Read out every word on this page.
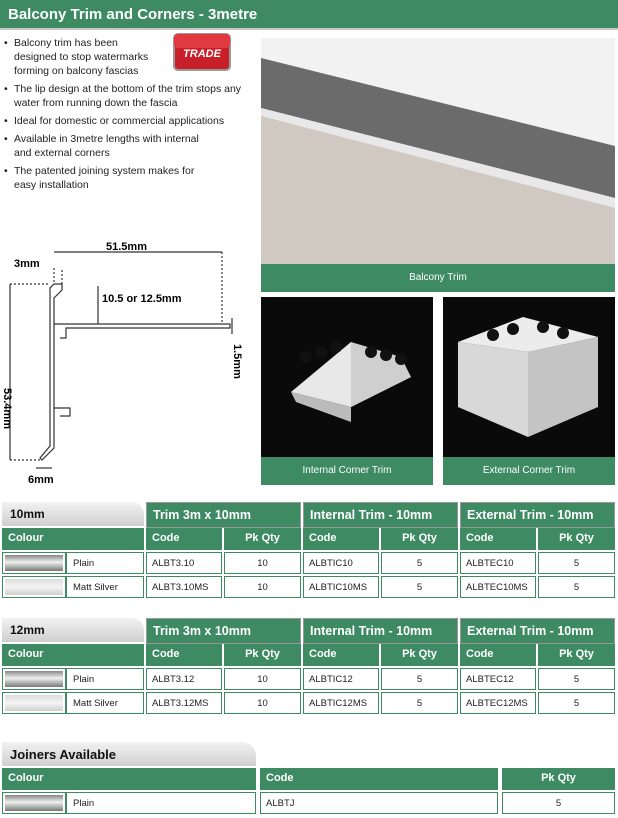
Balcony Trim and Corners - 3metre
• Balcony trim has been designed to stop watermarks forming on balcony fascias
• The lip design at the bottom of the trim stops any water from running down the fascia
• Ideal for domestic or commercial applications
• Available in 3metre lengths with internal and external corners
• The patented joining system makes for easy installation
TRADE
Balcony Trim
Internal Corner Trim	External Corner Trim
51.5mm
3mm
10.5 or 12.5mm
53.4mm
1.5mm
6mm
10mm	Trim 3m x 10mm	Internal Trim - 10mm	External Trim - 10mm
Colour	Code	Pk Qty	Code	Pk Qty	Code	Pk Qty
Plain	ALBT3.10	10	ALBTIC10	5	ALBTEC10	5
Matt Silver	ALBT3.10MS	10	ALBTIC10MS	5	ALBTEC10MS	5
12mm	Trim 3m x 10mm	Internal Trim - 10mm	External Trim - 10mm
Colour	Code	Pk Qty	Code	Pk Qty	Code	Pk Qty
Plain	ALBT3.12	10	ALBTIC12	5	ALBTEC12	5
Matt Silver	ALBT3.12MS	10	ALBTIC12MS	5	ALBTEC12MS	5
Joiners Available
Colour	Code	Pk Qty
Plain	ALBTJ	5
